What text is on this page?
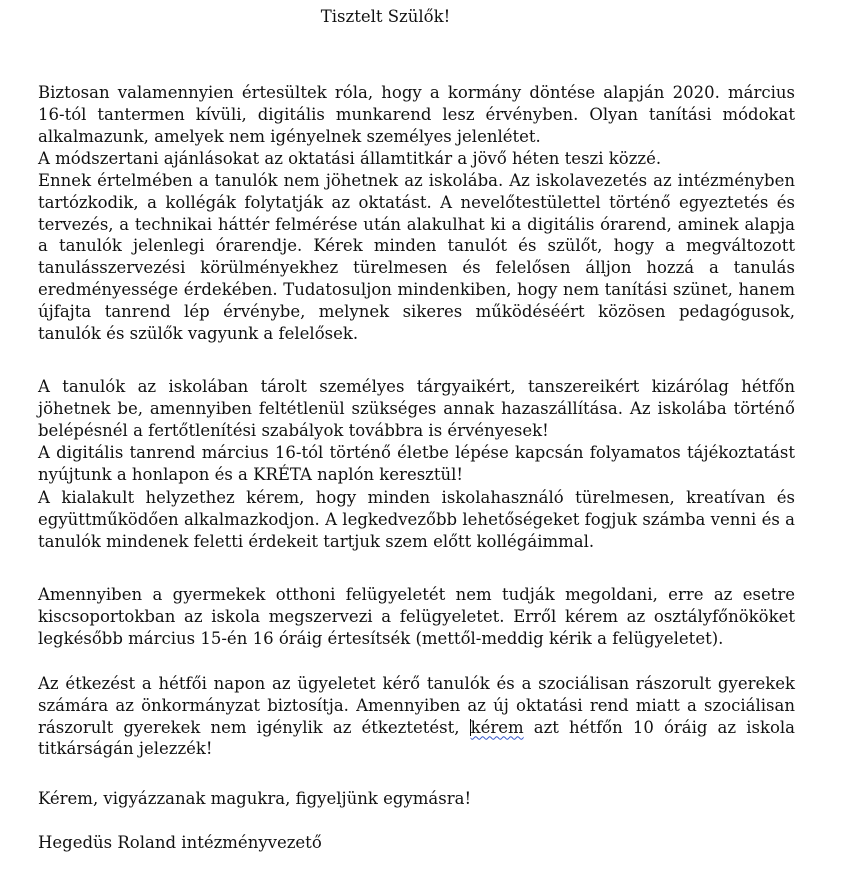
Tisztelt Szülők!

Biztosan valamennyien értesültek róla, hogy a kormány döntése alapján 2020. március 16-tól tantermen kívüli, digitális munkarend lesz érvényben. Olyan tanítási módokat alkalmazunk, amelyek nem igényelnek személyes jelenlétet.

A módszertani ajánlásokat az oktatási államtitkár a jövő héten teszi közzé.

Ennek értelmében a tanulók nem jöhetnek az iskolába. Az iskolavezetés az intézményben tartózkodik, a kollégák folytatják az oktatást. A nevelőtestülettel történő egyeztetés és tervezés, a technikai háttér felmérése után alakulhat ki a digitális órarend, aminek alapja a tanulók jelenlegi órarendje. Kérek minden tanulót és szülőt, hogy a megváltozott tanulásszervezési körülményekhez türelmesen és felelősen álljon hozzá a tanulás eredményessége érdekében. Tudatosuljon mindenkiben, hogy nem tanítási szünet, hanem újfajta tanrend lép érvénybe, melynek sikeres működéséért közösen pedagógusok, tanulók és szülők vagyunk a felelősek.

A tanulók az iskolában tárolt személyes tárgyaikért, tanszereikért kizárólag hétfőn jöhetnek be, amennyiben feltétlenül szükséges annak hazaszállítása. Az iskolába történő belépésnél a fertőtlenítési szabályok továbbra is érvényesek!

A digitális tanrend március 16-tól történő életbe lépése kapcsán folyamatos tájékoztatást nyújtunk a honlapon és a KRÉTA naplón keresztül!

A kialakult helyzethez kérem, hogy minden iskolahasználó türelmesen, kreatívan és együttműködően alkalmazkodjon. A legkedvezőbb lehetőségeket fogjuk számba venni és a tanulók mindenek feletti érdekeit tartjuk szem előtt kollégáimmal.

Amennyiben a gyermekek otthoni felügyeletét nem tudják megoldani, erre az esetre kiscsoportokban az iskola megszervezi a felügyeletet. Erről kérem az osztályfőnököket legkésőbb március 15-én 16 óráig értesítsék (mettől-meddig kérik a felügyeletet).

Az étkezést a hétfői napon az ügyeletet kérő tanulók és a szociálisan rászorult gyerekek számára az önkormányzat biztosítja. Amennyiben az új oktatási rend miatt a szociálisan rászorult gyerekek nem igénylik az étkeztetést, kérem azt hétfőn 10 óráig az iskola titkárságán jelezzék!

Kérem, vigyázzanak magukra, figyeljünk egymásra!

Hegedüs Roland intézményvezető
